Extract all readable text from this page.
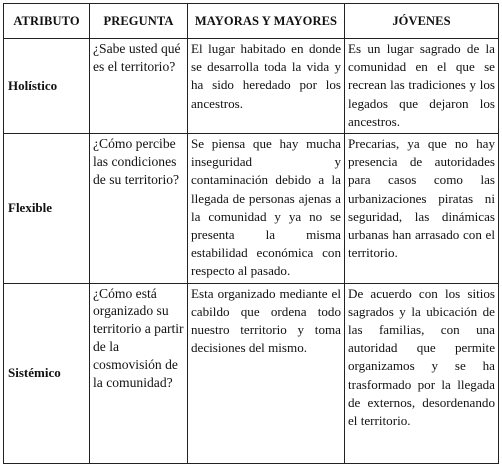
ATRIBUTO	PREGUNTA	MAYORAS Y MAYORES	JÓVENES
Holístico	¿Sabe usted qué es el territorio?	El lugar habitado en donde se desarrolla toda la vida y ha sido heredado por los ancestros.	Es un lugar sagrado de la comunidad en el que se recrean las tradiciones y los legados que dejaron los ancestros.
Flexible	¿Cómo percibe las condiciones de su territorio?	Se piensa que hay mucha inseguridad y contaminación debido a la llegada de personas ajenas a la comunidad y ya no se presenta la misma estabilidad económica con respecto al pasado.	Precarias, ya que no hay presencia de autoridades para casos como las urbanizaciones piratas ni seguridad, las dinámicas urbanas han arrasado con el territorio.
Sistémico	¿Cómo está organizado su territorio a partir de la cosmovisión de la comunidad?	Esta organizado mediante el cabildo que ordena todo nuestro territorio y toma decisiones del mismo.	De acuerdo con los sitios sagrados y la ubicación de las familias, con una autoridad que permite organizamos y se ha trasformado por la llegada de externos, desordenando el territorio.
